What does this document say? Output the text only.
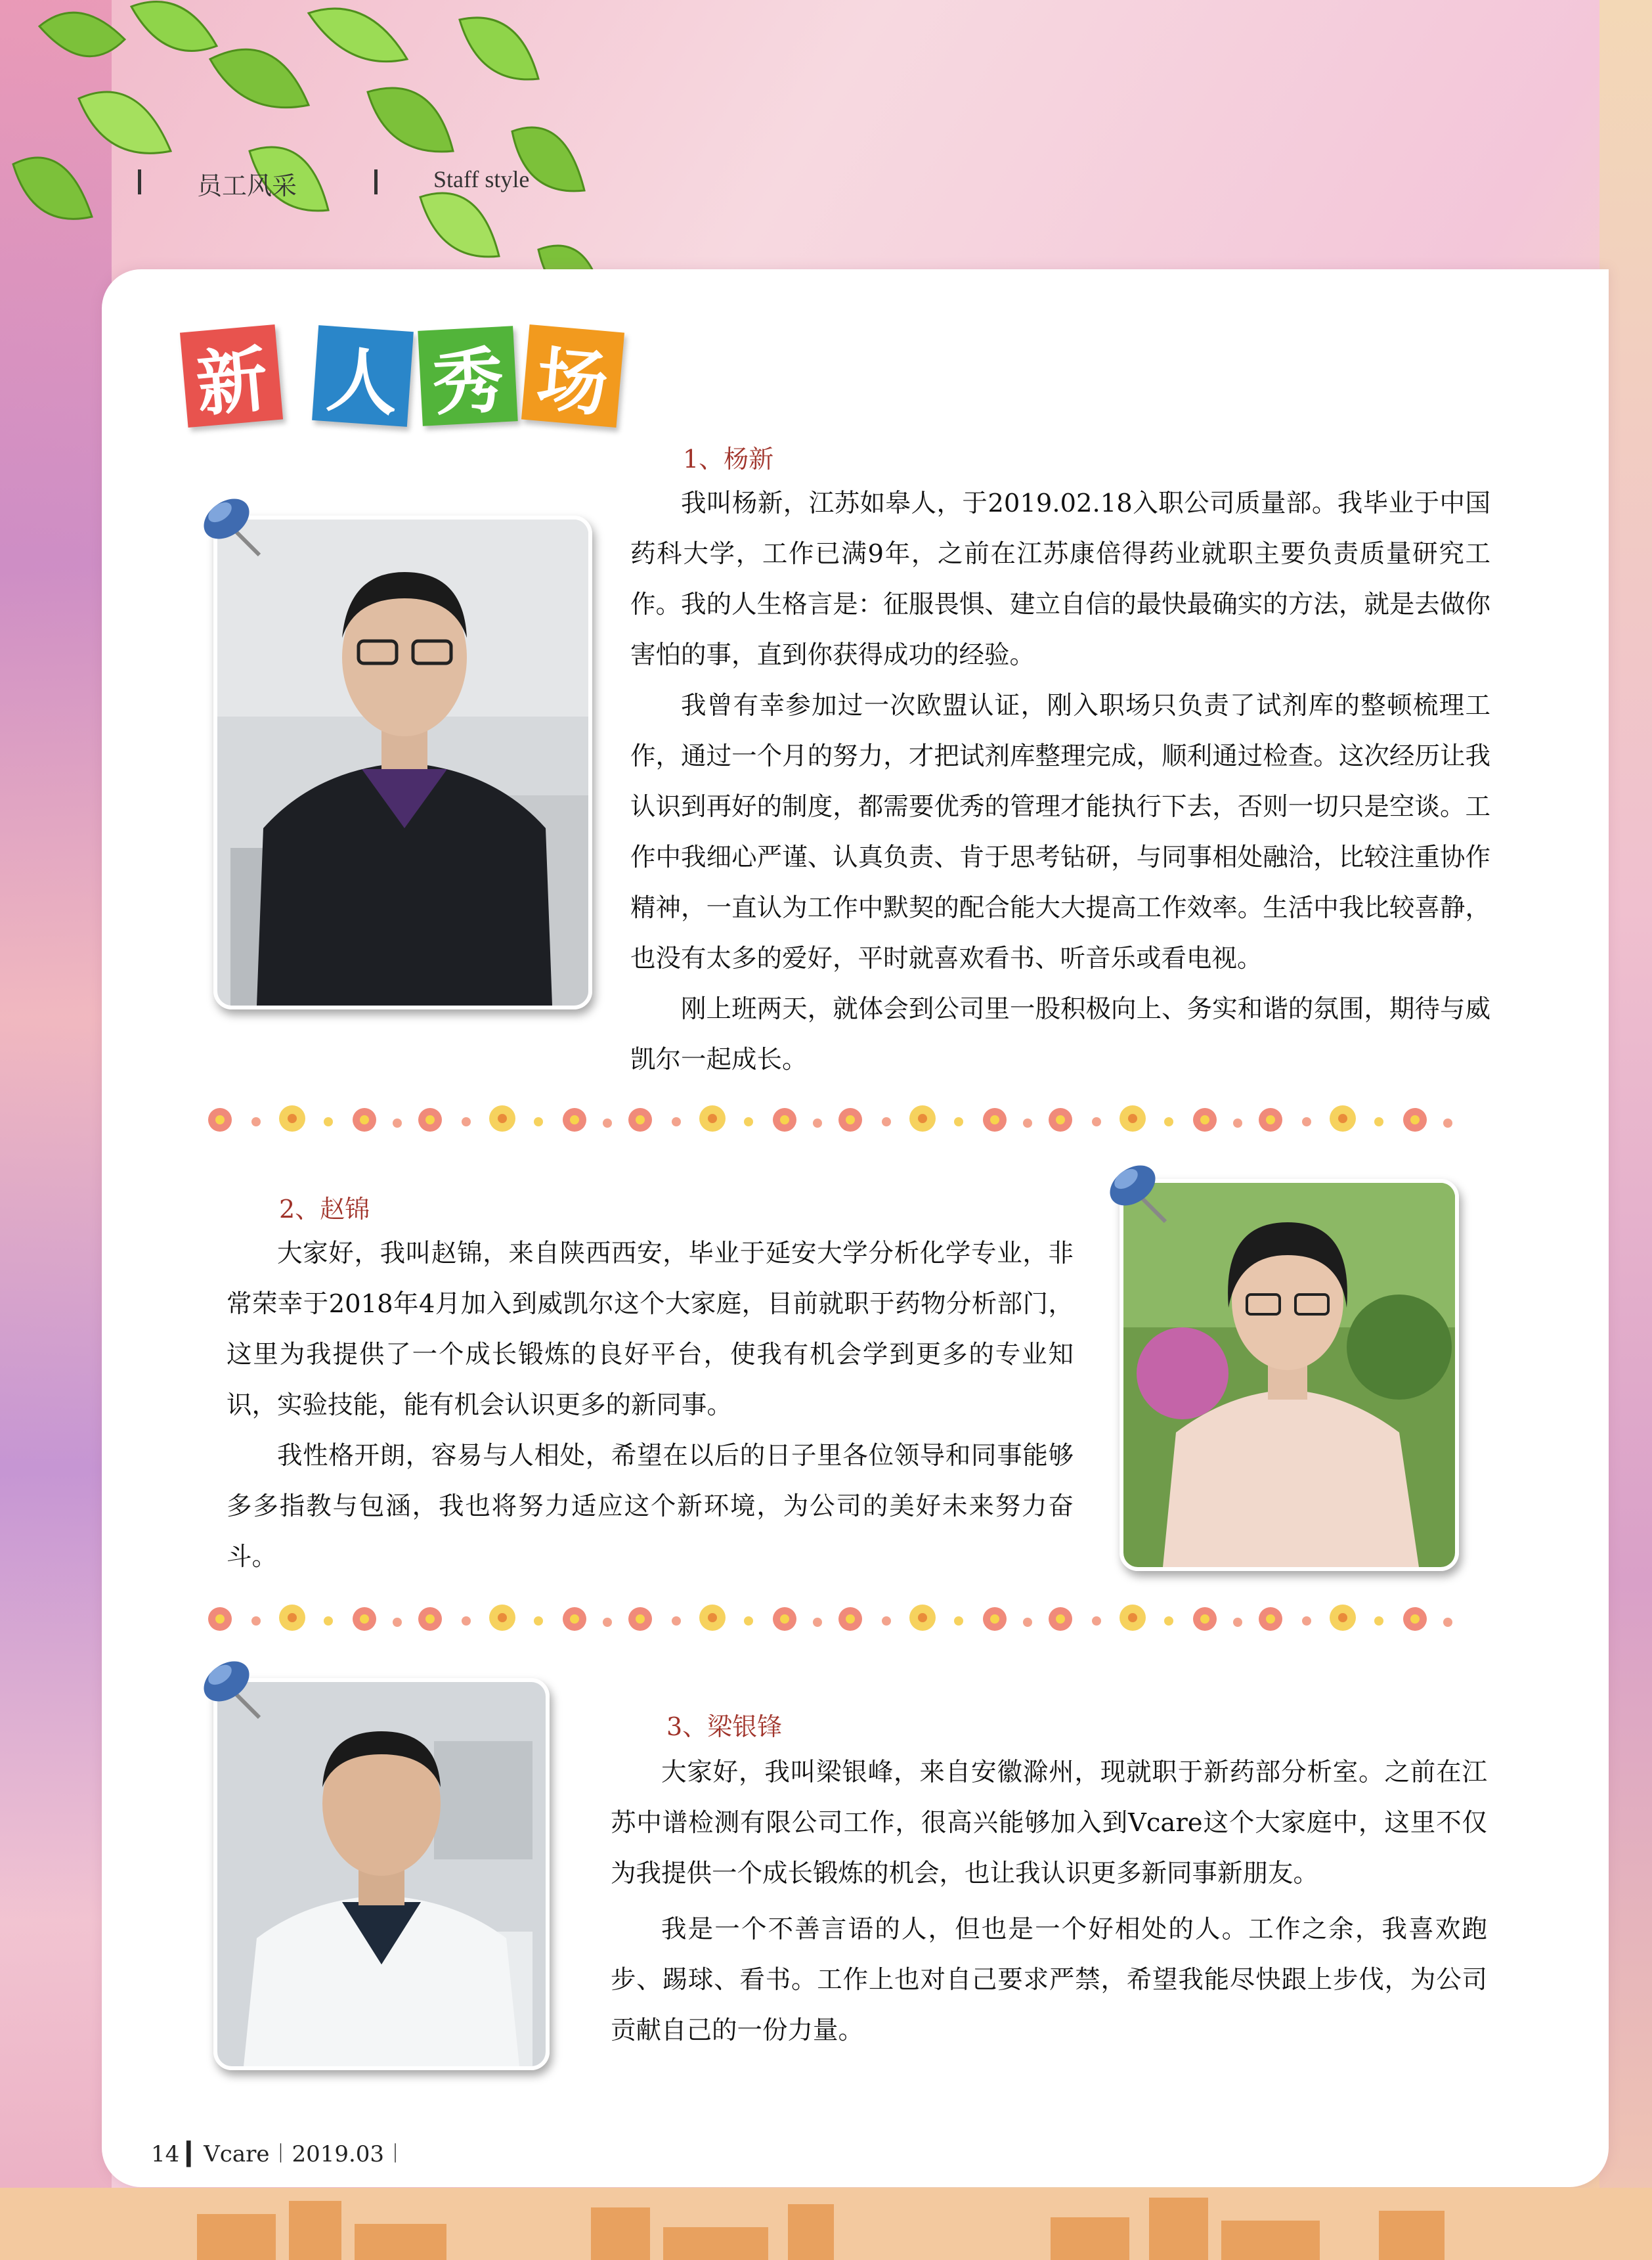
员工风采	Staff style
新 人 秀 场
1、杨新

我叫杨新，江苏如皋人，于2019.02.18入职公司质量部。我毕业于中国药科大学，工作已满9年，之前在江苏康倍得药业就职主要负责质量研究工作。我的人生格言是：征服畏惧、建立自信的最快最确实的方法，就是去做你害怕的事，直到你获得成功的经验。

我曾有幸参加过一次欧盟认证，刚入职场只负责了试剂库的整顿梳理工作，通过一个月的努力，才把试剂库整理完成，顺利通过检查。这次经历让我认识到再好的制度，都需要优秀的管理才能执行下去，否则一切只是空谈。工作中我细心严谨、认真负责、肯于思考钻研，与同事相处融洽，比较注重协作精神，一直认为工作中默契的配合能大大提高工作效率。生活中我比较喜静，也没有太多的爱好，平时就喜欢看书、听音乐或看电视。

刚上班两天，就体会到公司里一股积极向上、务实和谐的氛围，期待与威凯尔一起成长。

2、赵锦

大家好，我叫赵锦，来自陕西西安，毕业于延安大学分析化学专业，非常荣幸于2018年4月加入到威凯尔这个大家庭，目前就职于药物分析部门，这里为我提供了一个成长锻炼的良好平台，使我有机会学到更多的专业知识，实验技能，能有机会认识更多的新同事。

我性格开朗，容易与人相处，希望在以后的日子里各位领导和同事能够多多指教与包涵，我也将努力适应这个新环境，为公司的美好未来努力奋斗。

3、梁银锋

大家好，我叫梁银峰，来自安徽滁州，现就职于新药部分析室。之前在江苏中谱检测有限公司工作，很高兴能够加入到Vcare这个大家庭中，这里不仅为我提供一个成长锻炼的机会，也让我认识更多新同事新朋友。

我是一个不善言语的人，但也是一个好相处的人。工作之余，我喜欢跑步、踢球、看书。工作上也对自己要求严禁，希望我能尽快跟上步伐，为公司贡献自己的一份力量。

14 ▎Vcare︱2019.03︱
